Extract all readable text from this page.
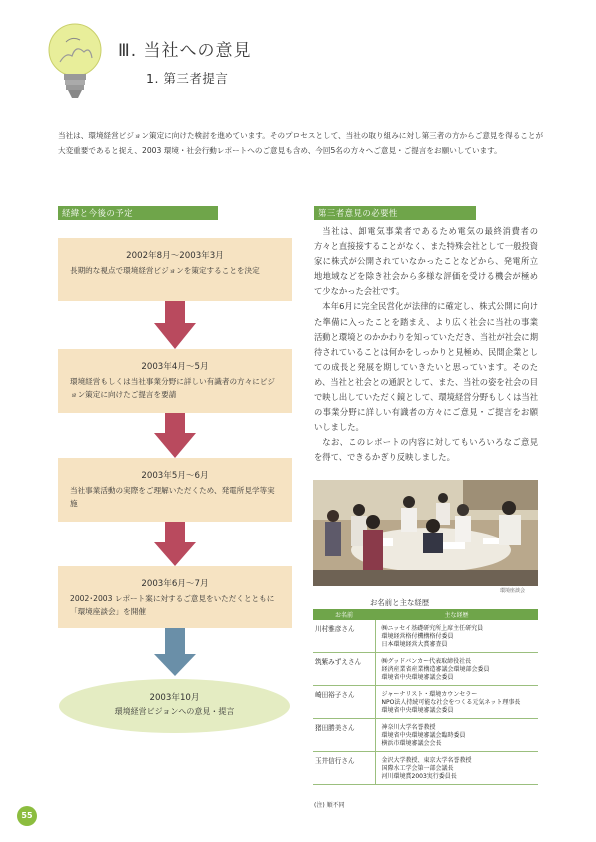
Ⅲ. 当社への意見
1. 第三者提言
当社は、環境経営ビジョン策定に向けた検討を進めています。そのプロセスとして、当社の取り組みに対し第三者の方からご意見を得ることが大変重要であると捉え、2003 環境・社会行動レポートへのご意見も含め、今回5名の方々へご意見・ご提言をお願いしています。
経緯と今後の予定	第三者意見の必要性
2002年8月～2003年3月
長期的な視点で環境経営ビジョンを策定することを決定
2003年4月～5月
環境経営もしくは当社事業分野に詳しい有識者の方々にビジョン策定に向けたご提言を要請
2003年5月～6月
当社事業活動の実際をご理解いただくため、発電所見学等実施
2003年6月～7月
2002･2003 レポート案に対するご意見をいただくとともに「環境座談会」を開催
2003年10月
環境経営ビジョンへの意見・提言

当社は、卸電気事業者であるため電気の最終消費者の方々と直接接することがなく、また特殊会社として一般投資家に株式が公開されていなかったことなどから、発電所立地地域などを除き社会から多様な評価を受ける機会が極めて少なかった会社です。

本年6月に完全民営化が法律的に確定し、株式公開に向けた準備に入ったことを踏まえ、より広く社会に当社の事業活動と環境とのかかわりを知っていただき、当社が社会に期待されていることは何かをしっかりと見極め、民間企業としての成長と発展を期していきたいと思っています。そのため、当社と社会との通訳として、また、当社の姿を社会の目で映し出していただく鏡として、環境経営分野もしくは当社の事業分野に詳しい有識者の方々にご意見・ご提言をお願いしました。

なお、このレポートの内容に対してもいろいろなご意見を得て、できるかぎり反映しました。

環境座談会
お名前と主な経歴
お名前	主な経歴
川村雅彦さん	㈱ニッセイ基礎研究所上席主任研究員
環境経営格付機構格付委員
日本環境経営大賞審査員

筑紫みずえさん	㈱グッドバンカー代表取締役社長
経済産業省産業構造審議会環境部会委員
環境省中央環境審議会委員

崎田裕子さん	ジャーナリスト・環境カウンセラー
NPO法人持続可能な社会をつくる元気ネット理事長
環境省中央環境審議会委員

猪田勝美さん	神奈川大学名誉教授
環境省中央環境審議会臨時委員
横浜市環境審議会会長

玉井信行さん	金沢大学教授、東京大学名誉教授
国際水工学会第一部会議長
河川環境賞2003実行委員長
(注) 順不同
55
